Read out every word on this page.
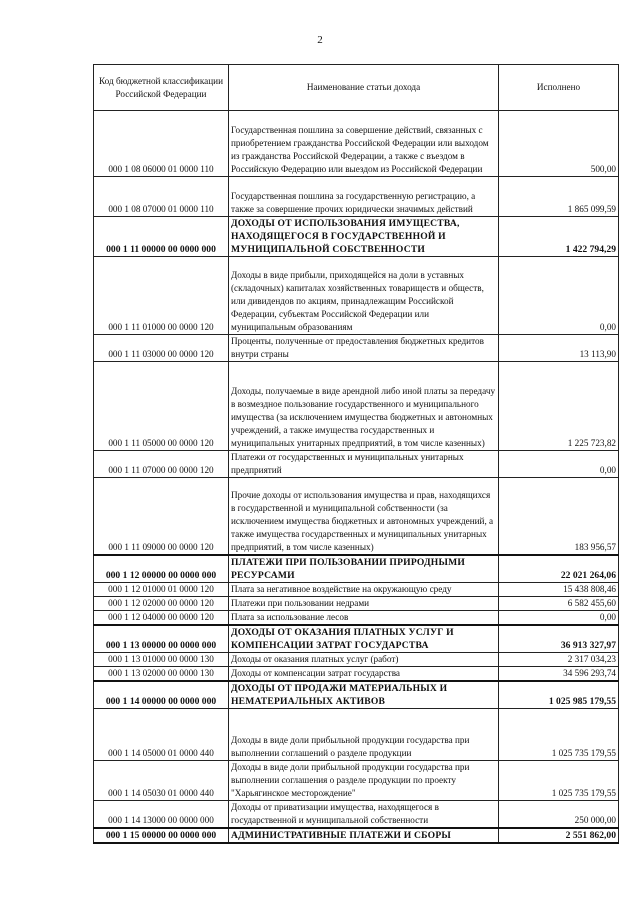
2
Код бюджетной классификации Российской Федерации	Наименование статьи дохода	Исполнено
000 1 08 06000 01 0000 110	Государственная пошлина за совершение действий, связанных с приобретением гражданства Российской Федерации или выходом из гражданства Российской Федерации, а также с въездом в Российскую Федерацию или выездом из Российской Федерации	500,00
000 1 08 07000 01 0000 110	Государственная пошлина за государственную регистрацию, а также за совершение прочих юридически значимых действий	1 865 099,59
000 1 11 00000 00 0000 000	ДОХОДЫ ОТ ИСПОЛЬЗОВАНИЯ ИМУЩЕСТВА, НАХОДЯЩЕГОСЯ В ГОСУДАРСТВЕННОЙ И МУНИЦИПАЛЬНОЙ СОБСТВЕННОСТИ	1 422 794,29
000 1 11 01000 00 0000 120	Доходы в виде прибыли, приходящейся на доли в уставных (складочных) капиталах хозяйственных товариществ и обществ, или дивидендов по акциям, принадлежащим Российской Федерации, субъектам Российской Федерации или муниципальным образованиям	0,00
000 1 11 03000 00 0000 120	Проценты, полученные от предоставления бюджетных кредитов внутри страны	13 113,90
000 1 11 05000 00 0000 120	Доходы, получаемые в виде арендной либо иной платы за передачу в возмездное пользование государственного и муниципального имущества (за исключением имущества бюджетных и автономных учреждений, а также имущества государственных и муниципальных унитарных предприятий, в том числе казенных)	1 225 723,82
000 1 11 07000 00 0000 120	Платежи от государственных и муниципальных унитарных предприятий	0,00
000 1 11 09000 00 0000 120	Прочие доходы от использования имущества и прав, находящихся в государственной и муниципальной собственности (за исключением имущества бюджетных и автономных учреждений, а также имущества государственных и муниципальных унитарных предприятий, в том числе казенных)	183 956,57
000 1 12 00000 00 0000 000	ПЛАТЕЖИ ПРИ ПОЛЬЗОВАНИИ ПРИРОДНЫМИ РЕСУРСАМИ	22 021 264,06
000 1 12 01000 01 0000 120	Плата за негативное воздействие на окружающую среду	15 438 808,46
000 1 12 02000 00 0000 120	Платежи при пользовании недрами	6 582 455,60
000 1 12 04000 00 0000 120	Плата за использование лесов	0,00
000 1 13 00000 00 0000 000	ДОХОДЫ ОТ ОКАЗАНИЯ ПЛАТНЫХ УСЛУГ И КОМПЕНСАЦИИ ЗАТРАТ ГОСУДАРСТВА	36 913 327,97
000 1 13 01000 00 0000 130	Доходы от оказания платных услуг (работ)	2 317 034,23
000 1 13 02000 00 0000 130	Доходы от компенсации затрат государства	34 596 293,74
000 1 14 00000 00 0000 000	ДОХОДЫ ОТ ПРОДАЖИ МАТЕРИАЛЬНЫХ И НЕМАТЕРИАЛЬНЫХ АКТИВОВ	1 025 985 179,55
000 1 14 05000 01 0000 440	Доходы в виде доли прибыльной продукции государства при выполнении соглашений о разделе продукции	1 025 735 179,55
000 1 14 05030 01 0000 440	Доходы в виде доли прибыльной продукции государства при выполнении соглашения о разделе продукции по проекту "Харьягинское месторождение"	1 025 735 179,55
000 1 14 13000 00 0000 000	Доходы от приватизации имущества, находящегося в государственной и муниципальной собственности	250 000,00
000 1 15 00000 00 0000 000	АДМИНИСТРАТИВНЫЕ ПЛАТЕЖИ И СБОРЫ	2 551 862,00
